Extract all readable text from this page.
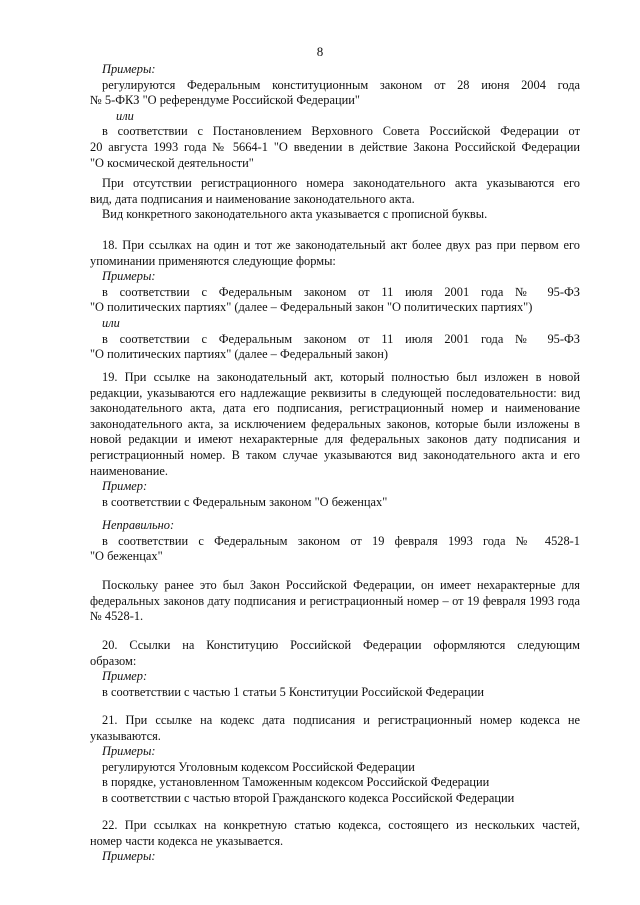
8
Примеры:
регулируются Федеральным конституционным законом от 28 июня 2004 года
№ 5-ФКЗ "О референдуме Российской Федерации"
или
в соответствии с Постановлением Верховного Совета Российской Федерации от
20 августа 1993 года № 5664-1 "О введении в действие Закона Российской Федерации
"О космической деятельности"
При отсутствии регистрационного номера законодательного акта указываются его
вид, дата подписания и наименование законодательного акта.
Вид конкретного законодательного акта указывается с прописной буквы.
18. При ссылках на один и тот же законодательный акт более двух раз при первом его
упоминании применяются следующие формы:
Примеры:
в соответствии с Федеральным законом от 11 июля 2001 года № 95-ФЗ
"О политических партиях" (далее – Федеральный закон "О политических партиях")
или
в соответствии с Федеральным законом от 11 июля 2001 года № 95-ФЗ
"О политических партиях" (далее – Федеральный закон)
19. При ссылке на законодательный акт, который полностью был изложен в новой
редакции, указываются его надлежащие реквизиты в следующей последовательности: вид
законодательного акта, дата его подписания, регистрационный номер и наименование
законодательного акта, за исключением федеральных законов, которые были изложены в
новой редакции и имеют нехарактерные для федеральных законов дату подписания и
регистрационный номер. В таком случае указываются вид законодательного акта и его
наименование.
Пример:
в соответствии с Федеральным законом "О беженцах"
Неправильно:
в соответствии с Федеральным законом от 19 февраля 1993 года № 4528-1
"О беженцах"
Поскольку ранее это был Закон Российской Федерации, он имеет нехарактерные для
федеральных законов дату подписания и регистрационный номер – от 19 февраля 1993 года
№ 4528-1.
20. Ссылки на Конституцию Российской Федерации оформляются следующим
образом:
Пример:
в соответствии с частью 1 статьи 5 Конституции Российской Федерации
21. При ссылке на кодекс дата подписания и регистрационный номер кодекса не
указываются.
Примеры:
регулируются Уголовным кодексом Российской Федерации
в порядке, установленном Таможенным кодексом Российской Федерации
в соответствии с частью второй Гражданского кодекса Российской Федерации
22. При ссылках на конкретную статью кодекса, состоящего из нескольких частей,
номер части кодекса не указывается.
Примеры:
